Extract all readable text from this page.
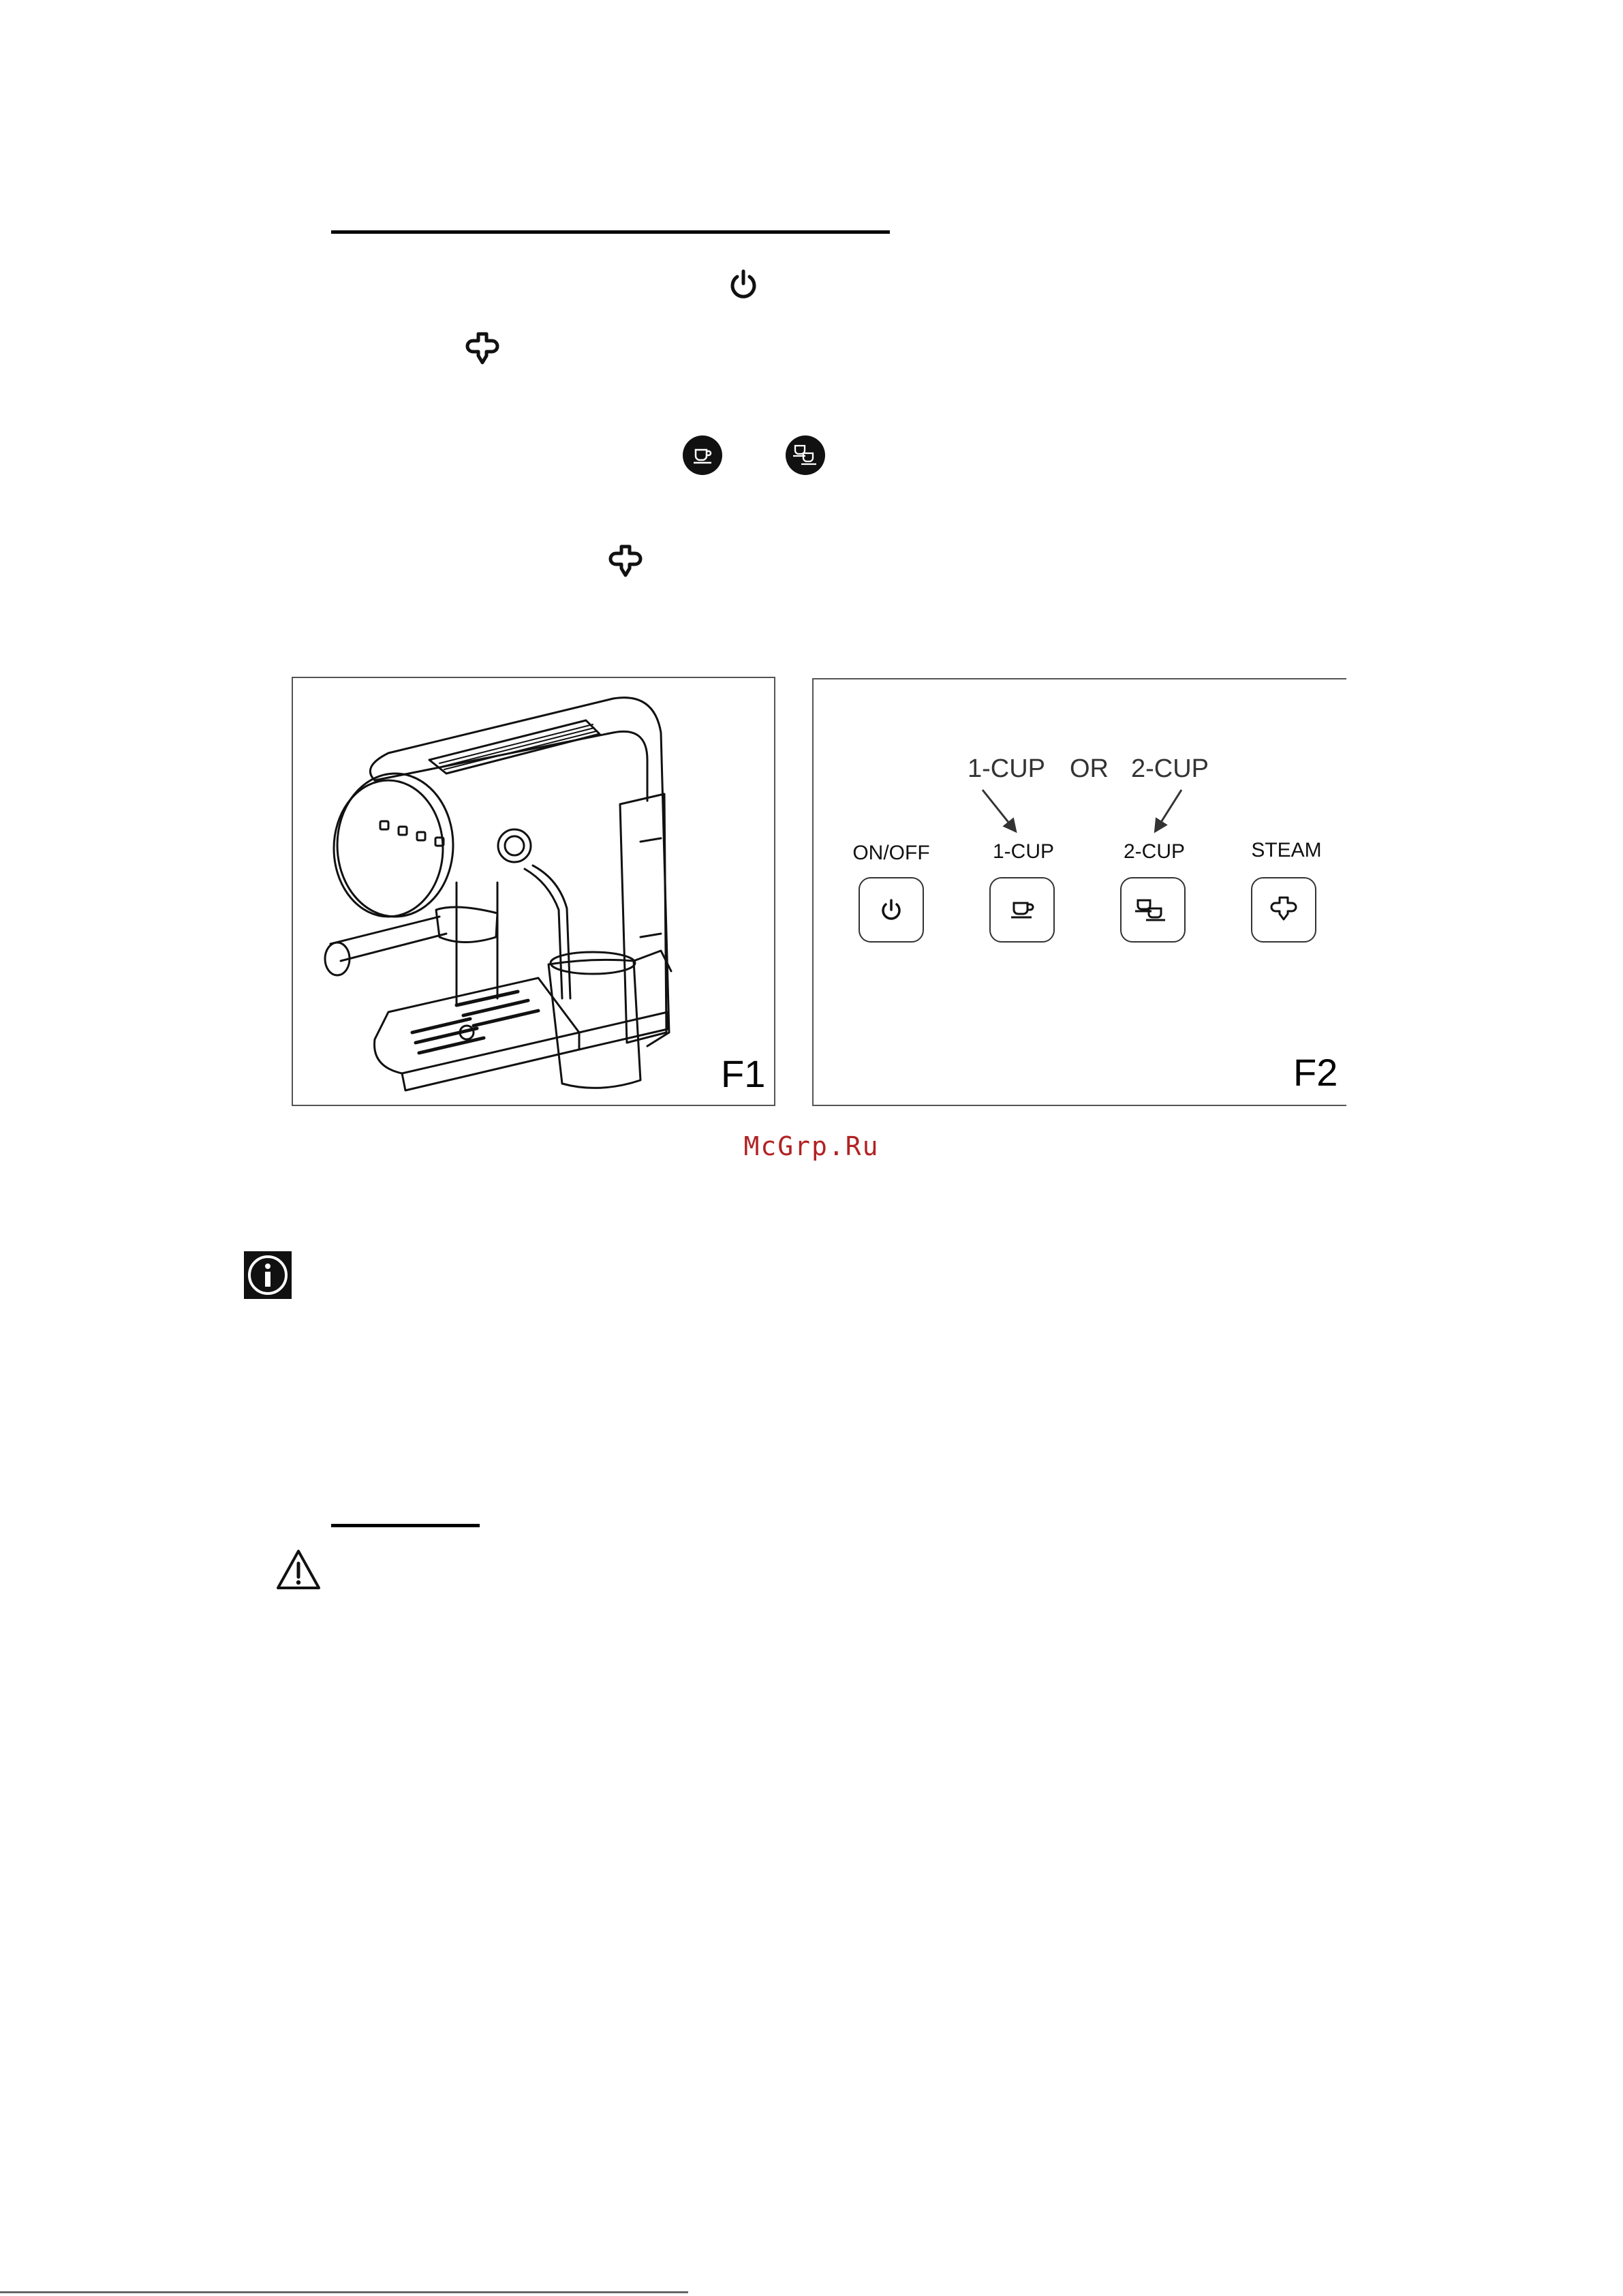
F1
1-CUP OR 2-CUP
ON/OFF	1-CUP	2-CUP	STEAM
F2
McGrp.Ru
